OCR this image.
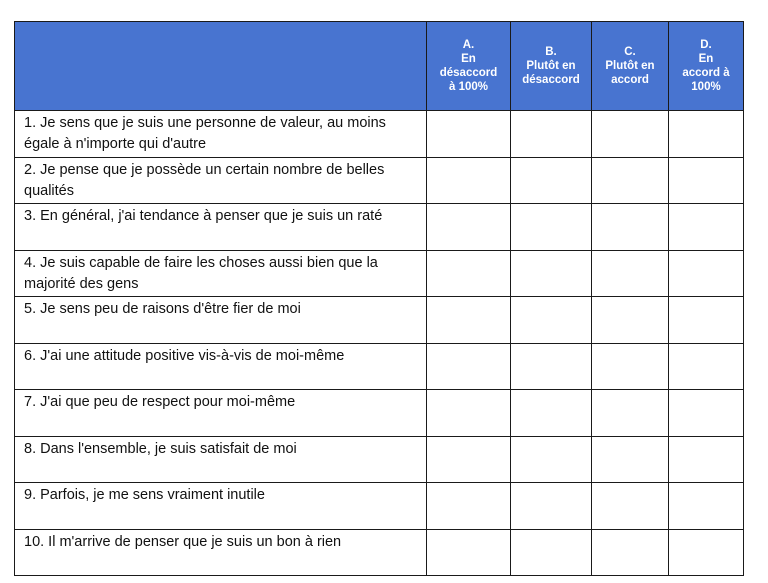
	A.
En
désaccord
à 100%	B.
Plutôt en
désaccord	C.
Plutôt en
accord	D.
En
accord à
100%

1. Je sens que je suis une personne de valeur, au moins égale à n'importe qui d'autre				
2. Je pense que je possède un certain nombre de belles qualités				
3. En général, j'ai tendance à penser que je suis un raté				
4. Je suis capable de faire les choses aussi bien que la majorité des gens				
5. Je sens peu de raisons d'être fier de moi				
6. J'ai une attitude positive vis-à-vis de moi-même				
7. J'ai que peu de respect pour moi-même				
8. Dans l'ensemble, je suis satisfait de moi				
9. Parfois, je me sens vraiment inutile				
10. Il m'arrive de penser que je suis un bon à rien				
